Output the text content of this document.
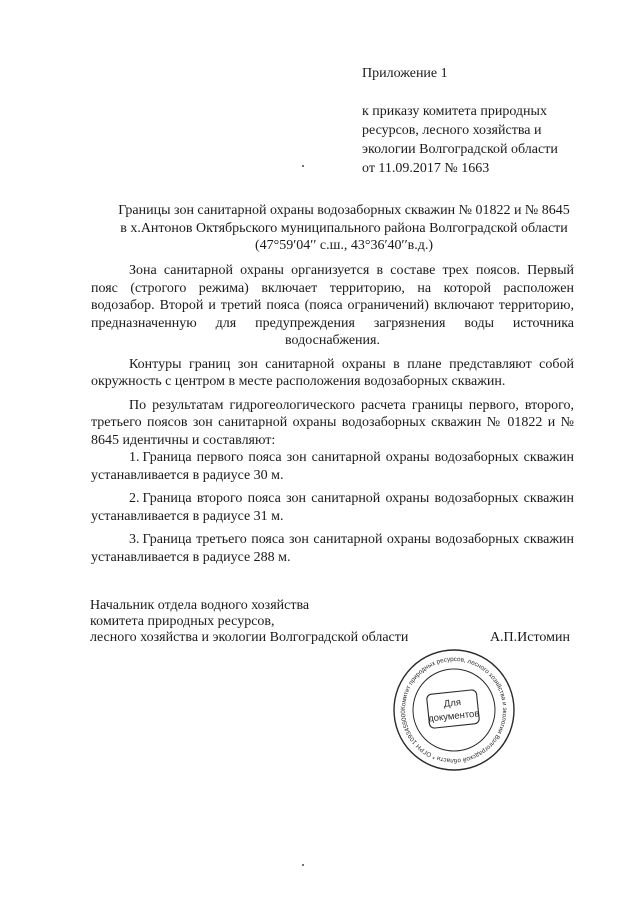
Приложение 1
к приказу комитета природных
ресурсов, лесного хозяйства и
экологии Волгоградской области
от 11.09.2017 № 1663
Границы зон санитарной охраны водозаборных скважин № 01822 и № 8645
в х.Антонов Октябрьского муниципального района Волгоградской области
(47°59′04′′ с.ш., 43°36′40′′в.д.)

Зона санитарной охраны организуется в составе трех поясов. Первый пояс (строгого режима) включает территорию, на которой расположен водозабор. Второй и третий пояса (пояса ограничений) включают территорию, предназначенную для предупреждения загрязнения воды источника водоснабжения.

Контуры границ зон санитарной охраны в плане представляют собой окружность с центром в месте расположения водозаборных скважин.

По результатам гидрогеологического расчета границы первого, второго, третьего поясов зон санитарной охраны водозаборных скважин № 01822 и № 8645 идентичны и составляют:

1. Граница первого пояса зон санитарной охраны водозаборных скважин устанавливается в радиусе 30 м.

2. Граница второго пояса зон санитарной охраны водозаборных скважин устанавливается в радиусе 31 м.

3. Граница третьего пояса зон санитарной охраны водозаборных скважин устанавливается в радиусе 288 м.

Начальник отдела водного хозяйства
комитета природных ресурсов,
лесного хозяйства и экологии Волгоградской области	А.П.Истомин
Комитет природных ресурсов, лесного хозяйства и экологии Волгоградской области * ОГРН 1093459000
Для
документов
